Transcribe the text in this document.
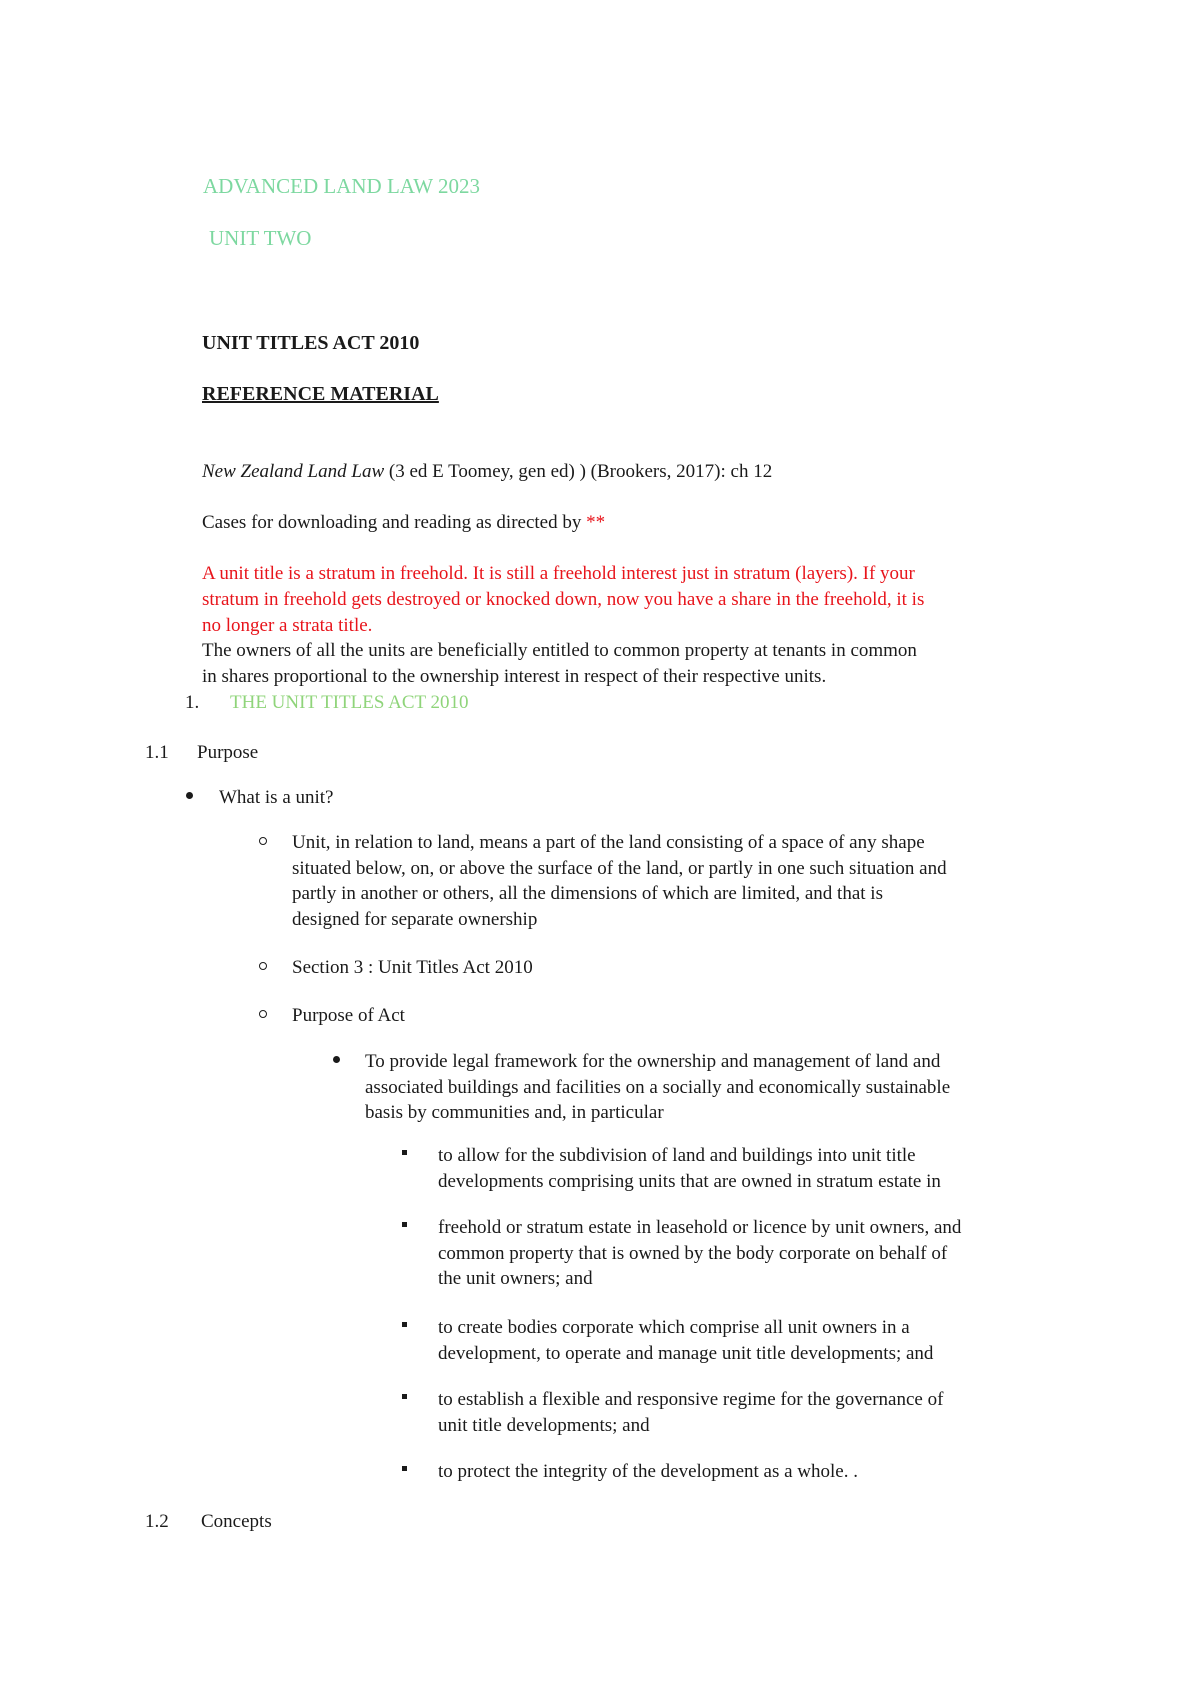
ADVANCED LAND LAW 2023
UNIT TWO
UNIT TITLES ACT 2010
REFERENCE MATERIAL
New Zealand Land Law (3 ed E Toomey, gen ed) ) (Brookers, 2017): ch 12
Cases for downloading and reading as directed by **
A unit title is a stratum in freehold. It is still a freehold interest just in stratum (layers). If your
stratum in freehold gets destroyed or knocked down, now you have a share in the freehold, it is
no longer a strata title.
The owners of all the units are beneficially entitled to common property at tenants in common
in shares proportional to the ownership interest in respect of their respective units.
1. THE UNIT TITLES ACT 2010
1.1 Purpose
What is a unit?
Unit, in relation to land, means a part of the land consisting of a space of any shape
situated below, on, or above the surface of the land, or partly in one such situation and
partly in another or others, all the dimensions of which are limited, and that is
designed for separate ownership
Section 3 : Unit Titles Act 2010
Purpose of Act
To provide legal framework for the ownership and management of land and
associated buildings and facilities on a socially and economically sustainable
basis by communities and, in particular
to allow for the subdivision of land and buildings into unit title
developments comprising units that are owned in stratum estate in
freehold or stratum estate in leasehold or licence by unit owners, and
common property that is owned by the body corporate on behalf of
the unit owners; and
to create bodies corporate which comprise all unit owners in a
development, to operate and manage unit title developments; and
to establish a flexible and responsive regime for the governance of
unit title developments; and
to protect the integrity of the development as a whole. .
1.2 Concepts
